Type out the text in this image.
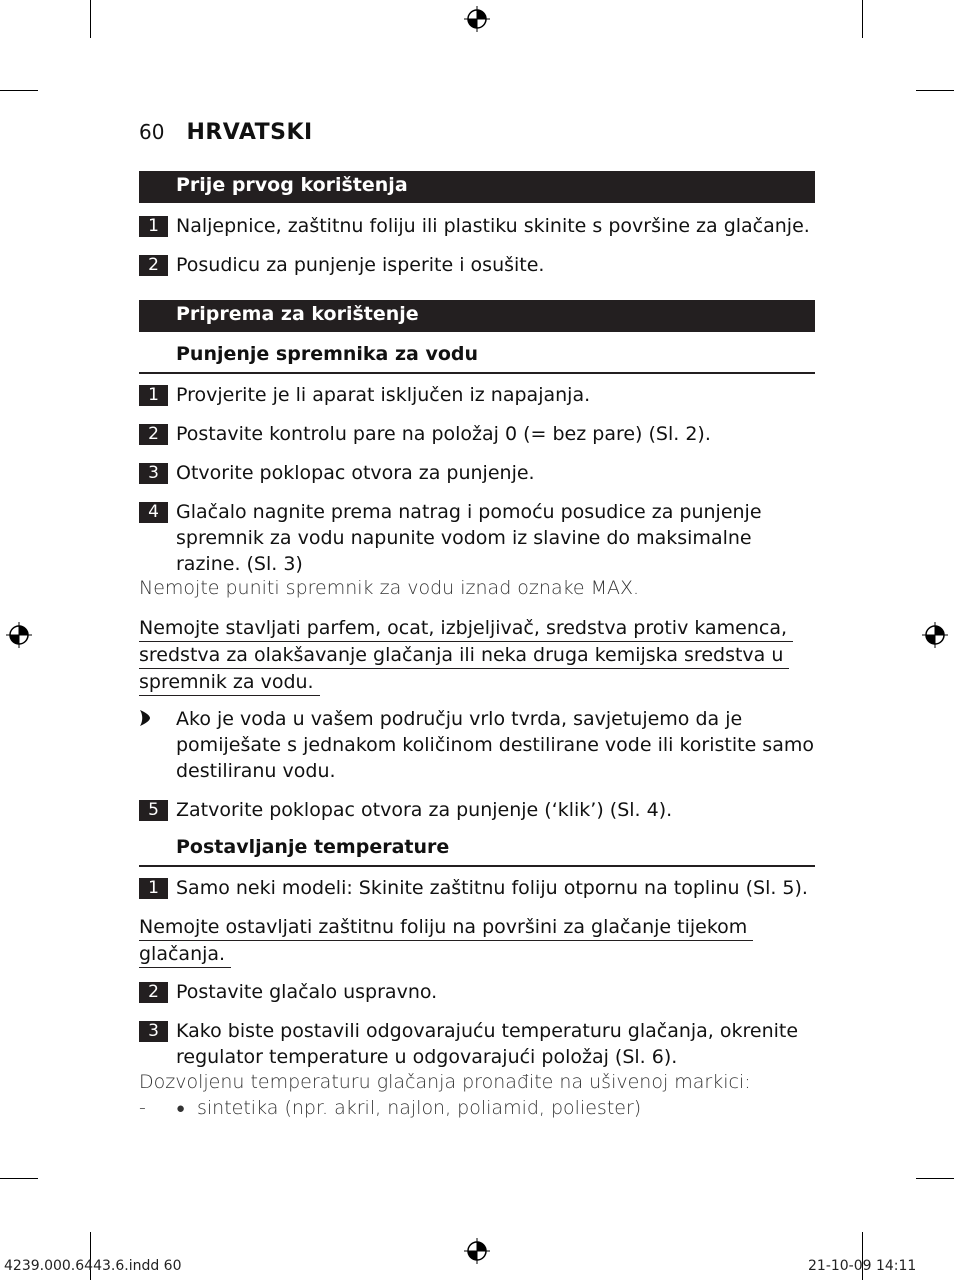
60 HRVATSKI
Prije prvog korištenja
1 Naljepnice, zaštitnu foliju ili plastiku skinite s površine za glačanje.
2 Posudicu za punjenje isperite i osušite.
Priprema za korištenje
Punjenje spremnika za vodu
1 Provjerite je li aparat isključen iz napajanja.
2 Postavite kontrolu pare na položaj 0 (= bez pare) (Sl. 2).
3 Otvorite poklopac otvora za punjenje.
4 Glačalo nagnite prema natrag i pomoću posudice za punjenje
spremnik za vodu napunite vodom iz slavine do maksimalne
razine. (Sl. 3)
Nemojte puniti spremnik za vodu iznad oznake MAX.
Nemojte stavljati parfem, ocat, izbjeljivač, sredstva protiv kamenca,
sredstva za olakšavanje glačanja ili neka druga kemijska sredstva u
spremnik za vodu.
Ako je voda u vašem području vrlo tvrda, savjetujemo da je
pomiješate s jednakom količinom destilirane vode ili koristite samo
destiliranu vodu.
5 Zatvorite poklopac otvora za punjenje (‘klik’) (Sl. 4).
Postavljanje temperature
1 Samo neki modeli: Skinite zaštitnu foliju otpornu na toplinu (Sl. 5).
Nemojte ostavljati zaštitnu foliju na površini za glačanje tijekom
glačanja.
2 Postavite glačalo uspravno.
3 Kako biste postavili odgovarajuću temperaturu glačanja, okrenite
regulator temperature u odgovarajući položaj (Sl. 6).
Dozvoljenu temperaturu glačanja pronađite na ušivenoj markici:
- ● sintetika (npr. akril, najlon, poliamid, poliester)
4239.000.6443.6.indd 60	21-10-09 14:11
